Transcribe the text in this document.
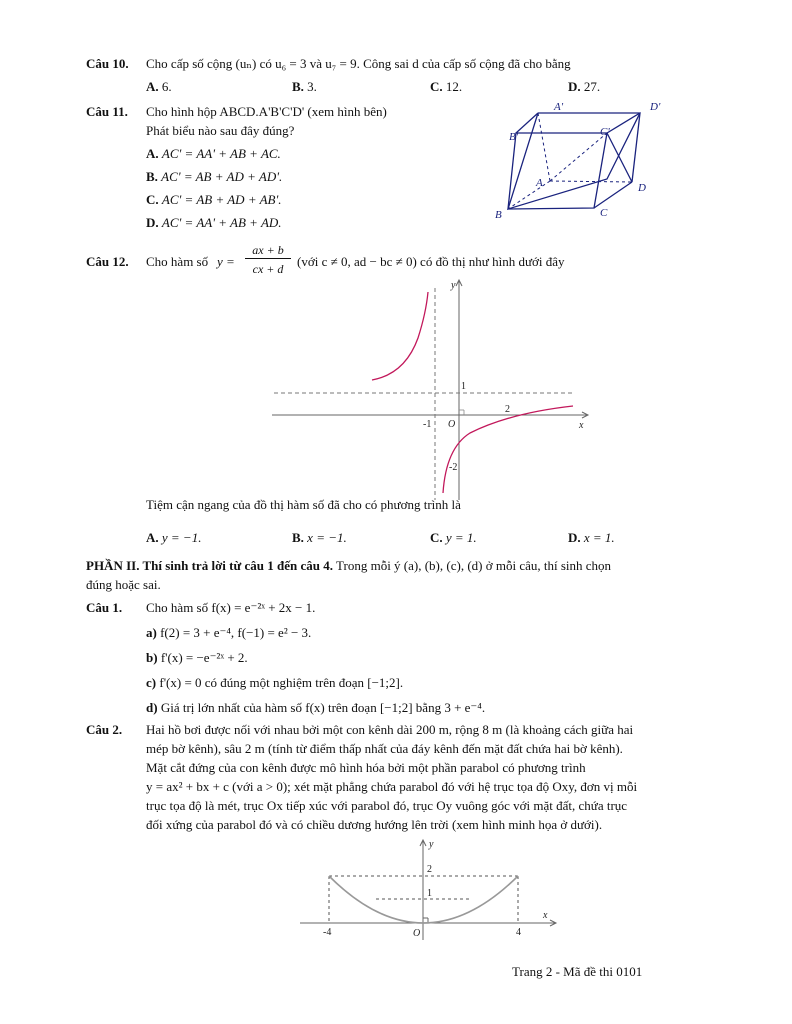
Câu 10. Cho cấp số cộng (uₙ) có u₆ = 3 và u₇ = 9. Công sai d của cấp số cộng đã cho bằng
A. 6.	B. 3.	C. 12.	D. 27.
Câu 11. Cho hình hộp ABCD.A'B'C'D' (xem hình bên)
Phát biểu nào sau đây đúng?
A. AC' = AA' + AB + AC.
B. AC' = AB + AD + AD'.
C. AC' = AB + AD + AB'.
D. AC' = AA' + AB + AD.
A'	D'
B'	C'
A	D
B	C
Câu 12. Cho hàm số y =
ax + b
cx + d	(với c ≠ 0, ad − bc ≠ 0) có đồ thị như hình dưới đây
y
x
1
2
-1 O
-2
Tiệm cận ngang của đồ thị hàm số đã cho có phương trình là
A. y = −1.	B. x = −1.	C. y = 1.	D. x = 1.
PHẦN II. Thí sinh trả lời từ câu 1 đến câu 4. Trong mỗi ý (a), (b), (c), (d) ở mỗi câu, thí sinh chọn
đúng hoặc sai.
Câu 1. Cho hàm số f(x) = e⁻²ˣ + 2x − 1.
a) f(2) = 3 + e⁻⁴, f(−1) = e² − 3.
b) f'(x) = −e⁻²ˣ + 2.
c) f'(x) = 0 có đúng một nghiệm trên đoạn [−1;2].
d) Giá trị lớn nhất của hàm số f(x) trên đoạn [−1;2] bằng 3 + e⁻⁴.
Câu 2. Hai hồ bơi được nối với nhau bởi một con kênh dài 200 m, rộng 8 m (là khoảng cách giữa hai
mép bờ kênh), sâu 2 m (tính từ điểm thấp nhất của đáy kênh đến mặt đất chứa hai bờ kênh).
Mặt cắt đứng của con kênh được mô hình hóa bởi một phần parabol có phương trình
y = ax² + bx + c (với a > 0); xét mặt phẳng chứa parabol đó với hệ trục tọa độ Oxy, đơn vị mỗi
trục tọa độ là mét, trục Ox tiếp xúc với parabol đó, trục Oy vuông góc với mặt đất, chứa trục
đối xứng của parabol đó và có chiều dương hướng lên trời (xem hình minh họa ở dưới).
y
x
2
1
-4	O	4
Trang 2 - Mã đề thi 0101
